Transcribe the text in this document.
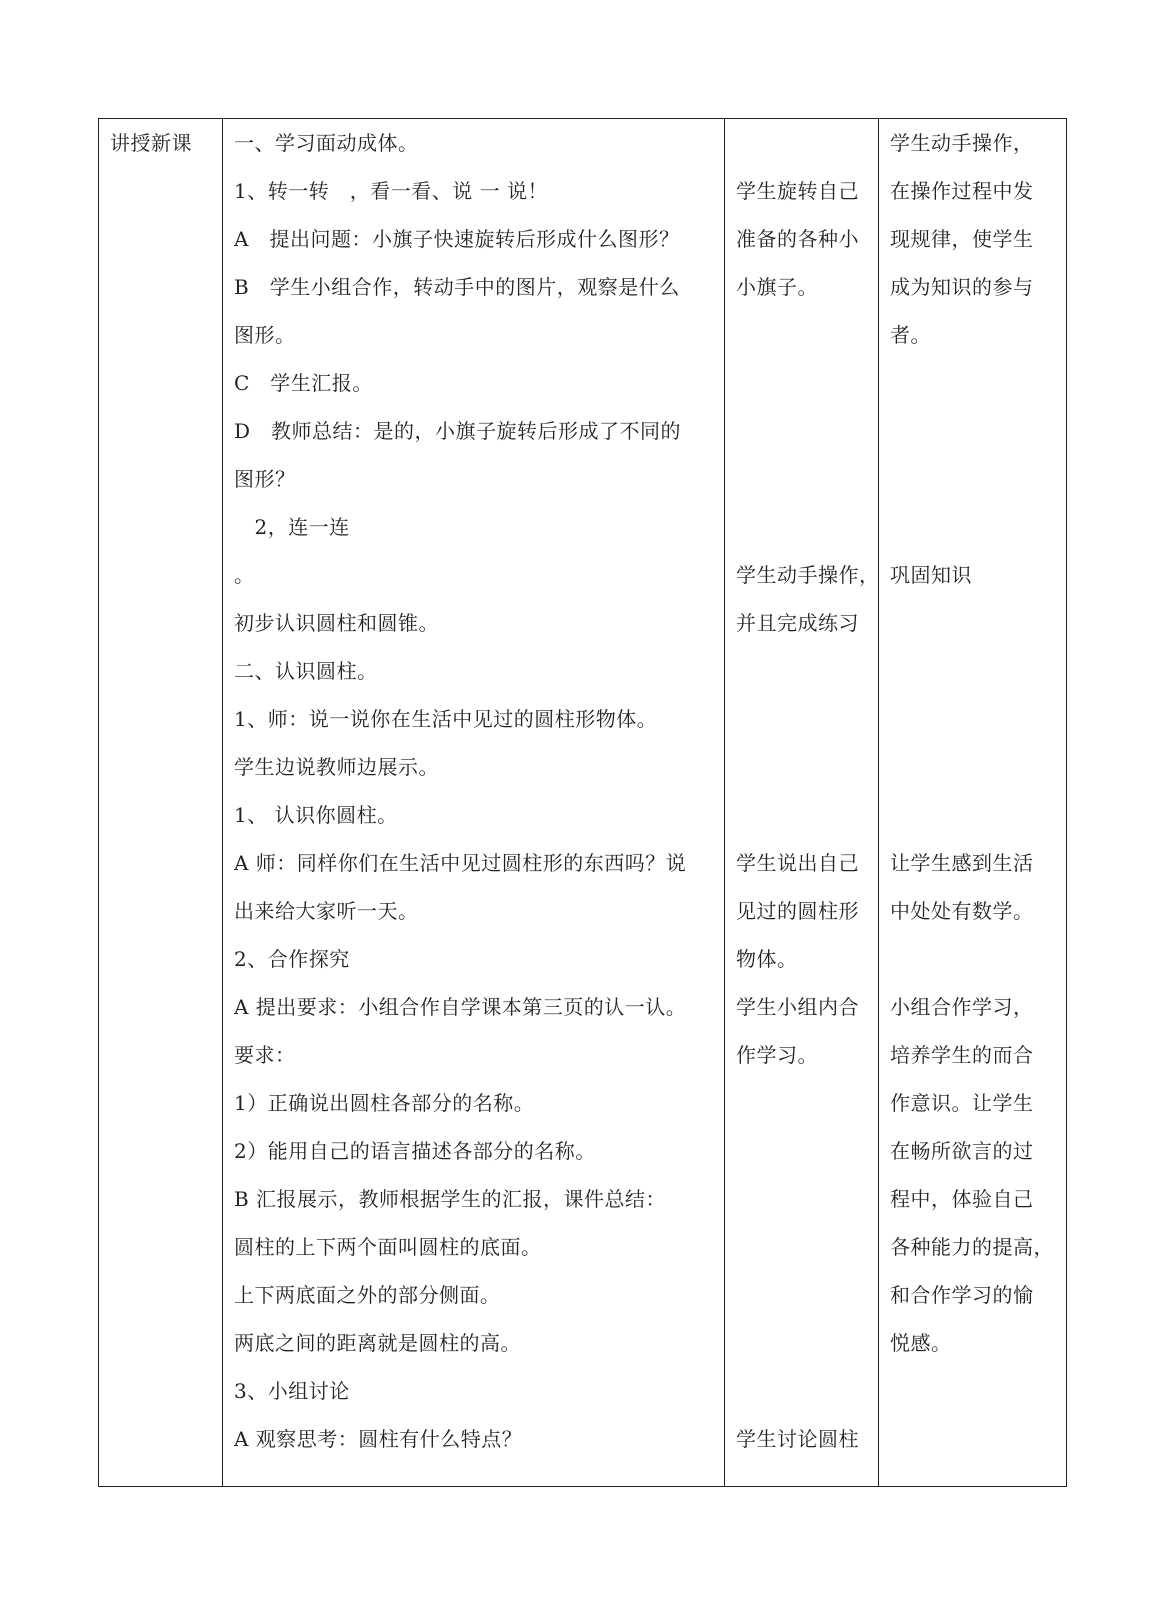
讲授新课 一、学习面动成体。
1、转一转　，看一看、说 一 说！
A　提出问题：小旗子快速旋转后形成什么图形？
B　学生小组合作，转动手中的图片，观察是什么
图形。
C　学生汇报。
D　教师总结：是的，小旗子旋转后形成了不同的
图形？
　2，连一连
。
初步认识圆柱和圆锥。
二、认识圆柱。
1、师：说一说你在生活中见过的圆柱形物体。
学生边说教师边展示。
1、 认识你圆柱。
A 师：同样你们在生活中见过圆柱形的东西吗？说
出来给大家听一天。
2、合作探究
A 提出要求：小组合作自学课本第三页的认一认。
要求：
1）正确说出圆柱各部分的名称。
2）能用自己的语言描述各部分的名称。
B 汇报展示，教师根据学生的汇报，课件总结：
圆柱的上下两个面叫圆柱的底面。
上下两底面之外的部分侧面。
两底之间的距离就是圆柱的高。
3、小组讨论
A 观察思考：圆柱有什么特点？
学生旋转自己
准备的各种小
小旗子。
学生动手操作，
并且完成练习
学生说出自己
见过的圆柱形
物体。
学生小组内合
作学习。
学生讨论圆柱
学生动手操作，
在操作过程中发
现规律，使学生
成为知识的参与
者。
巩固知识
让学生感到生活
中处处有数学。
小组合作学习，
培养学生的而合
作意识。让学生
在畅所欲言的过
程中，体验自己
各种能力的提高，
和合作学习的愉
悦感。
